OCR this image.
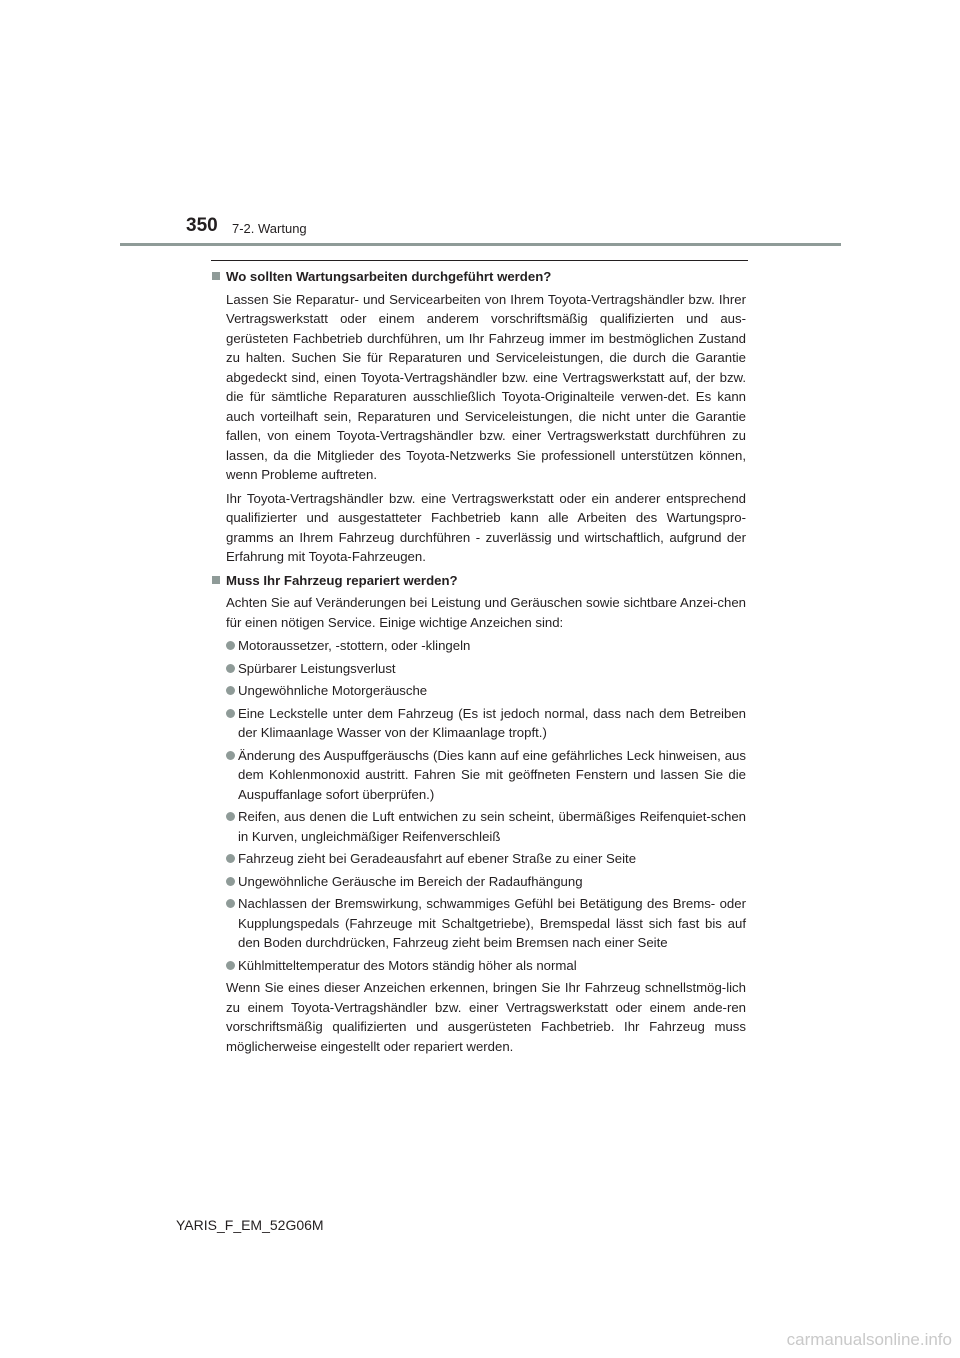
350 7-2. Wartung
Wo sollten Wartungsarbeiten durchgeführt werden?

Lassen Sie Reparatur- und Servicearbeiten von Ihrem Toyota-Vertragshändler bzw. Ihrer Vertragswerkstatt oder einem anderem vorschriftsmäßig qualifizierten und aus-gerüsteten Fachbetrieb durchführen, um Ihr Fahrzeug immer im bestmöglichen Zustand zu halten. Suchen Sie für Reparaturen und Serviceleistungen, die durch die Garantie abgedeckt sind, einen Toyota-Vertragshändler bzw. eine Vertragswerkstatt auf, der bzw. die für sämtliche Reparaturen ausschließlich Toyota-Originalteile verwen-det. Es kann auch vorteilhaft sein, Reparaturen und Serviceleistungen, die nicht unter die Garantie fallen, von einem Toyota-Vertragshändler bzw. einer Vertragswerkstatt durchführen zu lassen, da die Mitglieder des Toyota-Netzwerks Sie professionell unterstützen können, wenn Probleme auftreten.

Ihr Toyota-Vertragshändler bzw. eine Vertragswerkstatt oder ein anderer entsprechend qualifizierter und ausgestatteter Fachbetrieb kann alle Arbeiten des Wartungspro-gramms an Ihrem Fahrzeug durchführen - zuverlässig und wirtschaftlich, aufgrund der Erfahrung mit Toyota-Fahrzeugen.

Muss Ihr Fahrzeug repariert werden?

Achten Sie auf Veränderungen bei Leistung und Geräuschen sowie sichtbare Anzei-chen für einen nötigen Service. Einige wichtige Anzeichen sind:

Motoraussetzer, -stottern, oder -klingeln
Spürbarer Leistungsverlust
Ungewöhnliche Motorgeräusche
Eine Leckstelle unter dem Fahrzeug (Es ist jedoch normal, dass nach dem Betreiben der Klimaanlage Wasser von der Klimaanlage tropft.)
Änderung des Auspuffgeräuschs (Dies kann auf eine gefährliches Leck hinweisen, aus dem Kohlenmonoxid austritt. Fahren Sie mit geöffneten Fenstern und lassen Sie die Auspuffanlage sofort überprüfen.)
Reifen, aus denen die Luft entwichen zu sein scheint, übermäßiges Reifenquiet-schen in Kurven, ungleichmäßiger Reifenverschleiß
Fahrzeug zieht bei Geradeausfahrt auf ebener Straße zu einer Seite
Ungewöhnliche Geräusche im Bereich der Radaufhängung
Nachlassen der Bremswirkung, schwammiges Gefühl bei Betätigung des Brems- oder Kupplungspedals (Fahrzeuge mit Schaltgetriebe), Bremspedal lässt sich fast bis auf den Boden durchdrücken, Fahrzeug zieht beim Bremsen nach einer Seite
Kühlmitteltemperatur des Motors ständig höher als normal

Wenn Sie eines dieser Anzeichen erkennen, bringen Sie Ihr Fahrzeug schnellstmög-lich zu einem Toyota-Vertragshändler bzw. einer Vertragswerkstatt oder einem ande-ren vorschriftsmäßig qualifizierten und ausgerüsteten Fachbetrieb. Ihr Fahrzeug muss möglicherweise eingestellt oder repariert werden.

YARIS_F_EM_52G06M
carmanualsonline.info
